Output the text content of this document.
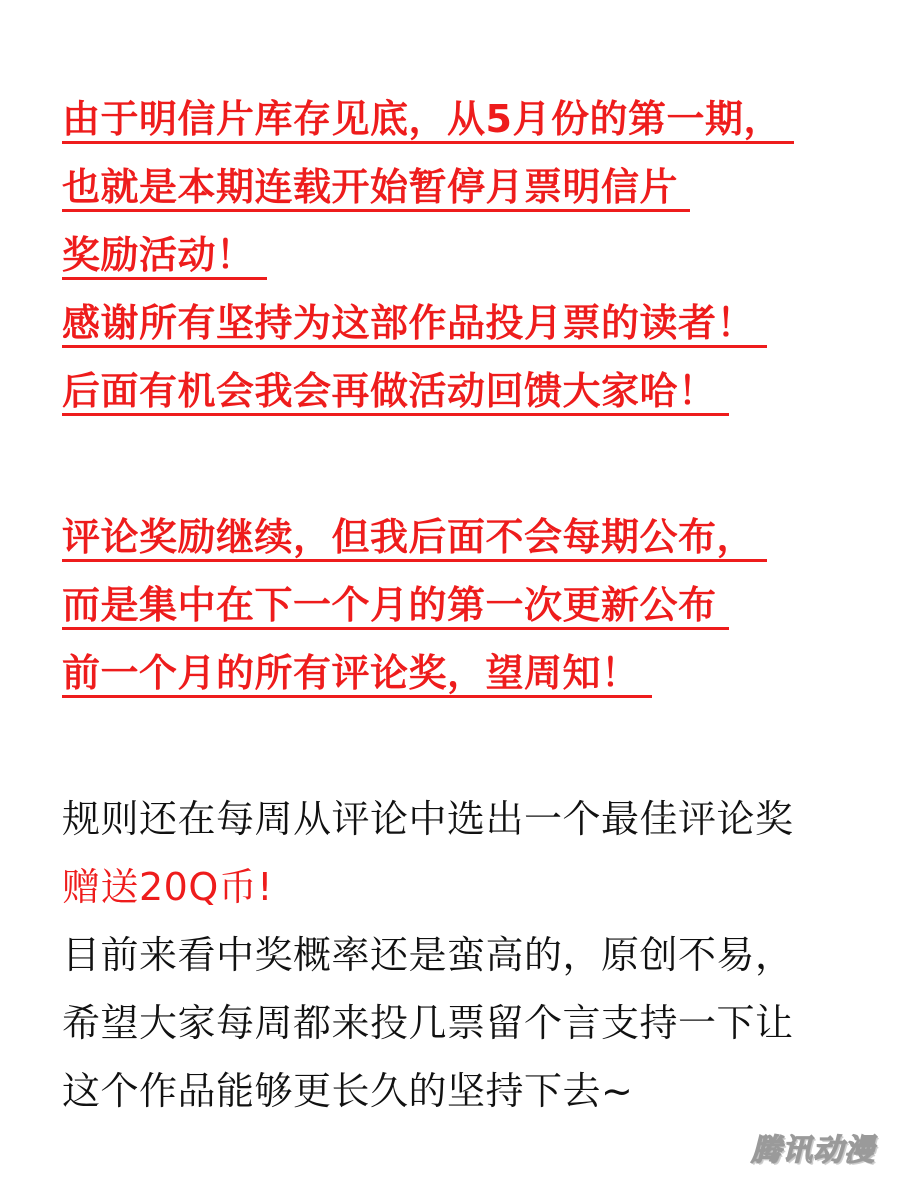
由于明信片库存见底，从5月份的第一期，

也就是本期连载开始暂停月票明信片

奖励活动！

感谢所有坚持为这部作品投月票的读者！

后面有机会我会再做活动回馈大家哈！

评论奖励继续，但我后面不会每期公布，

而是集中在下一个月的第一次更新公布

前一个月的所有评论奖，望周知！

规则还在每周从评论中选出一个最佳评论奖

赠送20Q币!

目前来看中奖概率还是蛮高的，原创不易，

希望大家每周都来投几票留个言支持一下让

这个作品能够更长久的坚持下去~

腾讯动漫
